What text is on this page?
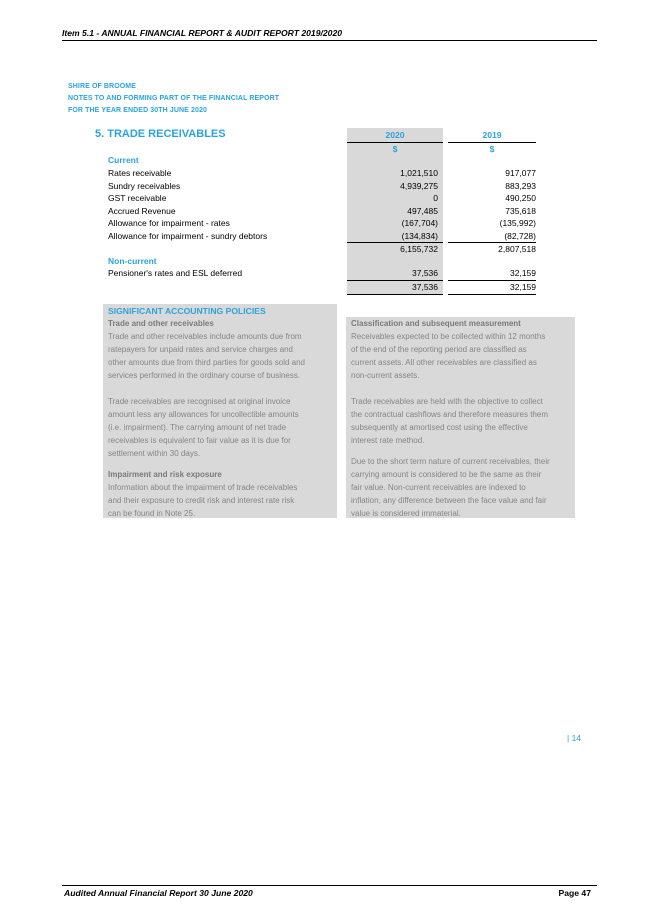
Item 5.1 - ANNUAL FINANCIAL REPORT & AUDIT REPORT 2019/2020
SHIRE OF BROOME
NOTES TO AND FORMING PART OF THE FINANCIAL REPORT
FOR THE YEAR ENDED 30TH JUNE 2020
5. TRADE RECEIVABLES	2020	2019
$	$
Current
Rates receivable	1,021,510	917,077
Sundry receivables	4,939,275	883,293
GST receivable	0	490,250
Accrued Revenue	497,485	735,618
Allowance for impairment - rates	(167,704)	(135,992)
Allowance for impairment - sundry debtors	(134,834)	(82,728)
6,155,732	2,807,518
Non-current
Pensioner's rates and ESL deferred	37,536	32,159
37,536	32,159
SIGNIFICANT ACCOUNTING POLICIES
Trade and other receivables
Trade and other receivables include amounts due from
ratepayers for unpaid rates and service charges and
other amounts due from third parties for goods sold and
services performed in the ordinary course of business.
Trade receivables are recognised at original invoice
amount less any allowances for uncollectible amounts
(i.e. impairment). The carrying amount of net trade
receivables is equivalent to fair value as it is due for
settlement within 30 days.
Impairment and risk exposure
Information about the impairment of trade receivables
and their exposure to credit risk and interest rate risk
can be found in Note 25.
Classification and subsequent measurement
Receivables expected to be collected within 12 months
of the end of the reporting period are classified as
current assets. All other receivables are classified as
non-current assets.
Trade receivables are held with the objective to collect
the contractual cashflows and therefore measures them
subsequently at amortised cost using the effective
interest rate method.
Due to the short term nature of current receivables, their
carrying amount is considered to be the same as their
fair value. Non-current receivables are indexed to
inflation, any difference between the face value and fair
value is considered immaterial.
| 14
Audited Annual Financial Report 30 June 2020	Page 47
